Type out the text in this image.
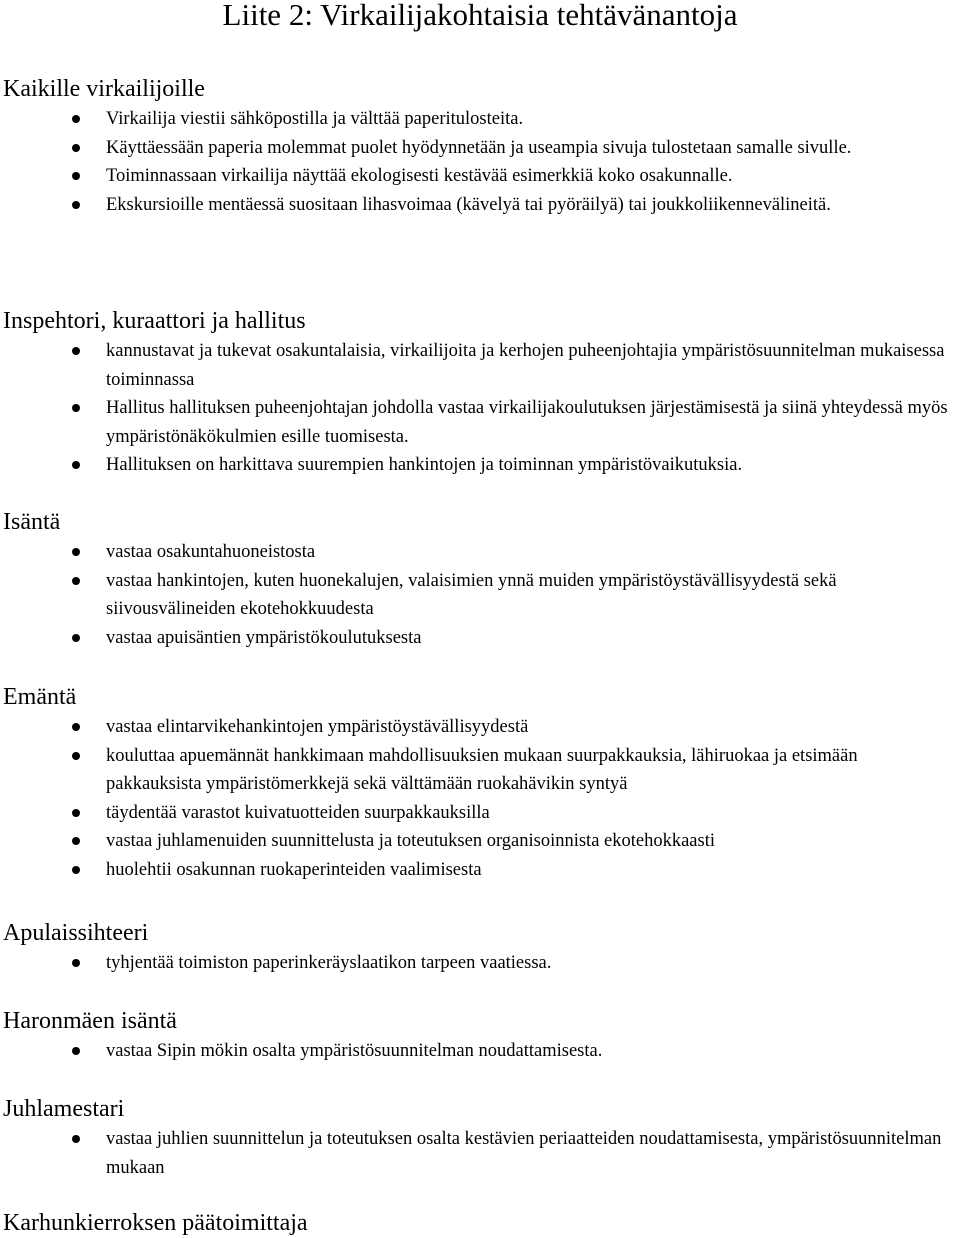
Liite 2: Virkailijakohtaisia tehtävänantoja
Kaikille virkailijoille
Virkailija viestii sähköpostilla ja välttää paperitulosteita.
Käyttäessään paperia molemmat puolet hyödynnetään ja useampia sivuja tulostetaan samalle sivulle.
Toiminnassaan virkailija näyttää ekologisesti kestävää esimerkkiä koko osakunnalle.
Ekskursioille mentäessä suositaan lihasvoimaa (kävelyä tai pyöräilyä) tai joukkoliikennevälineitä.
Inspehtori, kuraattori ja hallitus
kannustavat ja tukevat osakuntalaisia, virkailijoita ja kerhojen puheenjohtajia ympäristösuunnitelman mukaisessa toiminnassa
Hallitus hallituksen puheenjohtajan johdolla vastaa virkailijakoulutuksen järjestämisestä ja siinä yhteydessä myös ympäristönäkökulmien esille tuomisesta.
Hallituksen on harkittava suurempien hankintojen ja toiminnan ympäristövaikutuksia.
Isäntä
vastaa osakuntahuoneistosta
vastaa hankintojen, kuten huonekalujen, valaisimien ynnä muiden ympäristöystävällisyydestä sekä siivousvälineiden ekotehokkuudesta
vastaa apuisäntien ympäristökoulutuksesta
Emäntä
vastaa elintarvikehankintojen ympäristöystävällisyydestä
kouluttaa apuemännät hankkimaan mahdollisuuksien mukaan suurpakkauksia, lähiruokaa ja etsimään pakkauksista ympäristömerkkejä sekä välttämään ruokahävikin syntyä
täydentää varastot kuivatuotteiden suurpakkauksilla
vastaa juhlamenuiden suunnittelusta ja toteutuksen organisoinnista ekotehokkaasti
huolehtii osakunnan ruokaperinteiden vaalimisesta
Apulaissihteeri
tyhjentää toimiston paperinkeräyslaatikon tarpeen vaatiessa.
Haronmäen isäntä
vastaa Sipin mökin osalta ympäristösuunnitelman noudattamisesta.
Juhlamestari
vastaa juhlien suunnittelun ja toteutuksen osalta kestävien periaatteiden noudattamisesta, ympäristösuunnitelman mukaan
Karhunkierroksen päätoimittaja
